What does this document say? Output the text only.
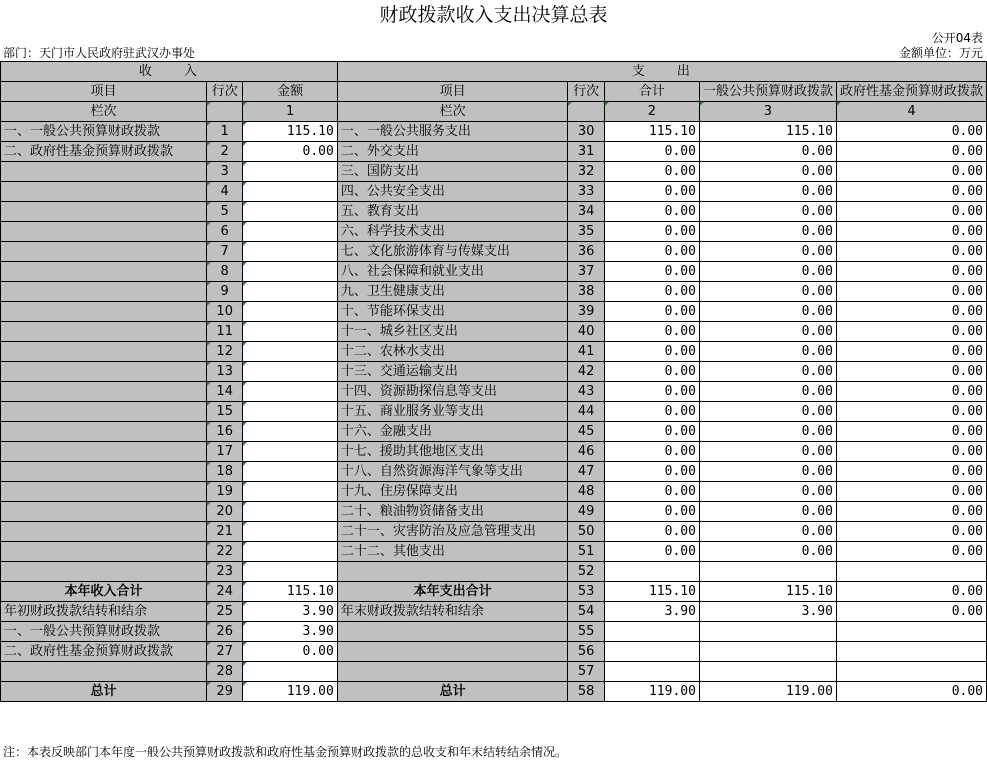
财政拨款收入支出决算总表
公开04表
部门：天门市人民政府驻武汉办事处	金额单位：万元
收　　入			支　　出				
项目	行次	金额	项目	行次	合计	一般公共预算财政拨款	政府性基金预算财政拨款
栏次		1	栏次		2	3	4
一、一般公共预算财政拨款	1	115.10	一、一般公共服务支出	30	115.10	115.10	0.00
二、政府性基金预算财政拨款	2	0.00	二、外交支出	31	0.00	0.00	0.00
	3		三、国防支出	32	0.00	0.00	0.00
	4		四、公共安全支出	33	0.00	0.00	0.00
	5		五、教育支出	34	0.00	0.00	0.00
	6		六、科学技术支出	35	0.00	0.00	0.00
	7		七、文化旅游体育与传媒支出	36	0.00	0.00	0.00
	8		八、社会保障和就业支出	37	0.00	0.00	0.00
	9		九、卫生健康支出	38	0.00	0.00	0.00
	10		十、节能环保支出	39	0.00	0.00	0.00
	11		十一、城乡社区支出	40	0.00	0.00	0.00
	12		十二、农林水支出	41	0.00	0.00	0.00
	13		十三、交通运输支出	42	0.00	0.00	0.00
	14		十四、资源勘探信息等支出	43	0.00	0.00	0.00
	15		十五、商业服务业等支出	44	0.00	0.00	0.00
	16		十六、金融支出	45	0.00	0.00	0.00
	17		十七、援助其他地区支出	46	0.00	0.00	0.00
	18		十八、自然资源海洋气象等支出	47	0.00	0.00	0.00
	19		十九、住房保障支出	48	0.00	0.00	0.00
	20		二十、粮油物资储备支出	49	0.00	0.00	0.00
	21		二十一、灾害防治及应急管理支出	50	0.00	0.00	0.00
	22		二十二、其他支出	51	0.00	0.00	0.00
	23			52			
本年收入合计	24	115.10	本年支出合计	53	115.10	115.10	0.00
年初财政拨款结转和结余	25	3.90	年末财政拨款结转和结余	54	3.90	3.90	0.00
一、一般公共预算财政拨款	26	3.90		55			
二、政府性基金预算财政拨款	27	0.00		56			
	28			57			
总计	29	119.00	总计	58	119.00	119.00	0.00
注：本表反映部门本年度一般公共预算财政拨款和政府性基金预算财政拨款的总收支和年末结转结余情况。
